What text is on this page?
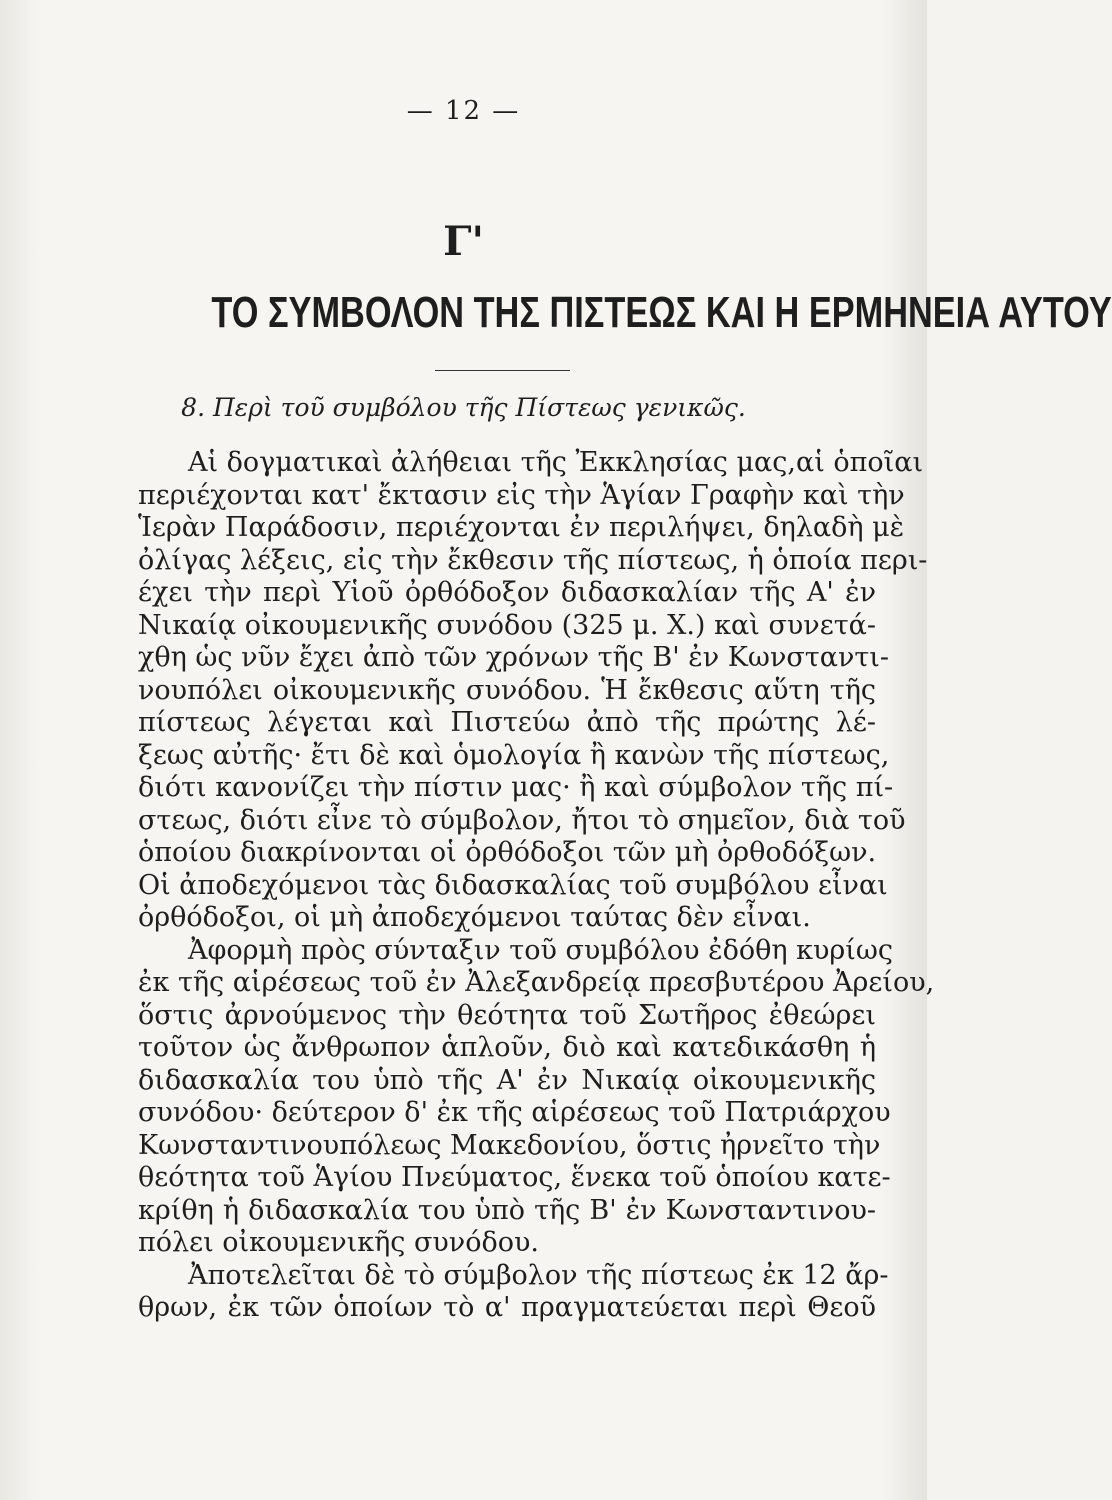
— 12 —
Γ'
ΤΟ ΣΥΜΒΟΛΟΝ ΤΗΣ ΠΙΣΤΕΩΣ ΚΑΙ Η ΕΡΜΗΝΕΙΑ ΑΥΤΟΥ
8. Περὶ τοῦ συμβόλου τῆς Πίστεως γενικῶς.

Αἱ δογματικαὶ ἀλήθειαι τῆς Ἐκκλησίας μας,αἱ ὁποῖαι
περιέχονται κατ' ἔκτασιν εἰς τὴν Ἁγίαν Γραφὴν καὶ τὴν
Ἱερὰν Παράδοσιν, περιέχονται ἐν περιλήψει, δηλαδὴ μὲ
ὀλίγας λέξεις, εἰς τὴν ἔκθεσιν τῆς πίστεως, ἡ ὁποία περι-
έχει τὴν περὶ Υἱοῦ ὀρθόδοξον διδασκαλίαν τῆς Α' ἐν
Νικαίᾳ οἰκουμενικῆς συνόδου (325 μ. Χ.) καὶ συνετά-
χθη ὡς νῦν ἔχει ἀπὸ τῶν χρόνων τῆς Β' ἐν Κωνσταντι-
νουπόλει οἰκουμενικῆς συνόδου. Ἡ ἔκθεσις αὕτη τῆς
πίστεως λέγεται καὶ Πιστεύω ἀπὸ τῆς πρώτης λέ-
ξεως αὐτῆς· ἔτι δὲ καὶ ὁμολογία ἢ κανὼν τῆς πίστεως,
διότι κανονίζει τὴν πίστιν μας· ἢ καὶ σύμβολον τῆς πί-
στεως, διότι εἶνε τὸ σύμβολον, ἤτοι τὸ σημεῖον, διὰ τοῦ
ὁποίου διακρίνονται οἱ ὀρθόδοξοι τῶν μὴ ὀρθοδόξων.
Οἱ ἀποδεχόμενοι τὰς διδασκαλίας τοῦ συμβόλου εἶναι
ὀρθόδοξοι, οἱ μὴ ἀποδεχόμενοι ταύτας δὲν εἶναι.

Ἀφορμὴ πρὸς σύνταξιν τοῦ συμβόλου ἐδόθη κυρίως
ἐκ τῆς αἱρέσεως τοῦ ἐν Ἀλεξανδρείᾳ πρεσβυτέρου Ἀρείου,
ὅστις ἀρνούμενος τὴν θεότητα τοῦ Σωτῆρος ἐθεώρει
τοῦτον ὡς ἄνθρωπον ἁπλοῦν, διὸ καὶ κατεδικάσθη ἡ
διδασκαλία του ὑπὸ τῆς Α' ἐν Νικαίᾳ οἰκουμενικῆς
συνόδου· δεύτερον δ' ἐκ τῆς αἱρέσεως τοῦ Πατριάρχου
Κωνσταντινουπόλεως Μακεδονίου, ὅστις ἠρνεῖτο τὴν
θεότητα τοῦ Ἁγίου Πνεύματος, ἕνεκα τοῦ ὁποίου κατε-
κρίθη ἡ διδασκαλία του ὑπὸ τῆς Β' ἐν Κωνσταντινου-
πόλει οἰκουμενικῆς συνόδου.

Ἀποτελεῖται δὲ τὸ σύμβολον τῆς πίστεως ἐκ 12 ἄρ-
θρων, ἐκ τῶν ὁποίων τὸ α' πραγματεύεται περὶ Θεοῦ
